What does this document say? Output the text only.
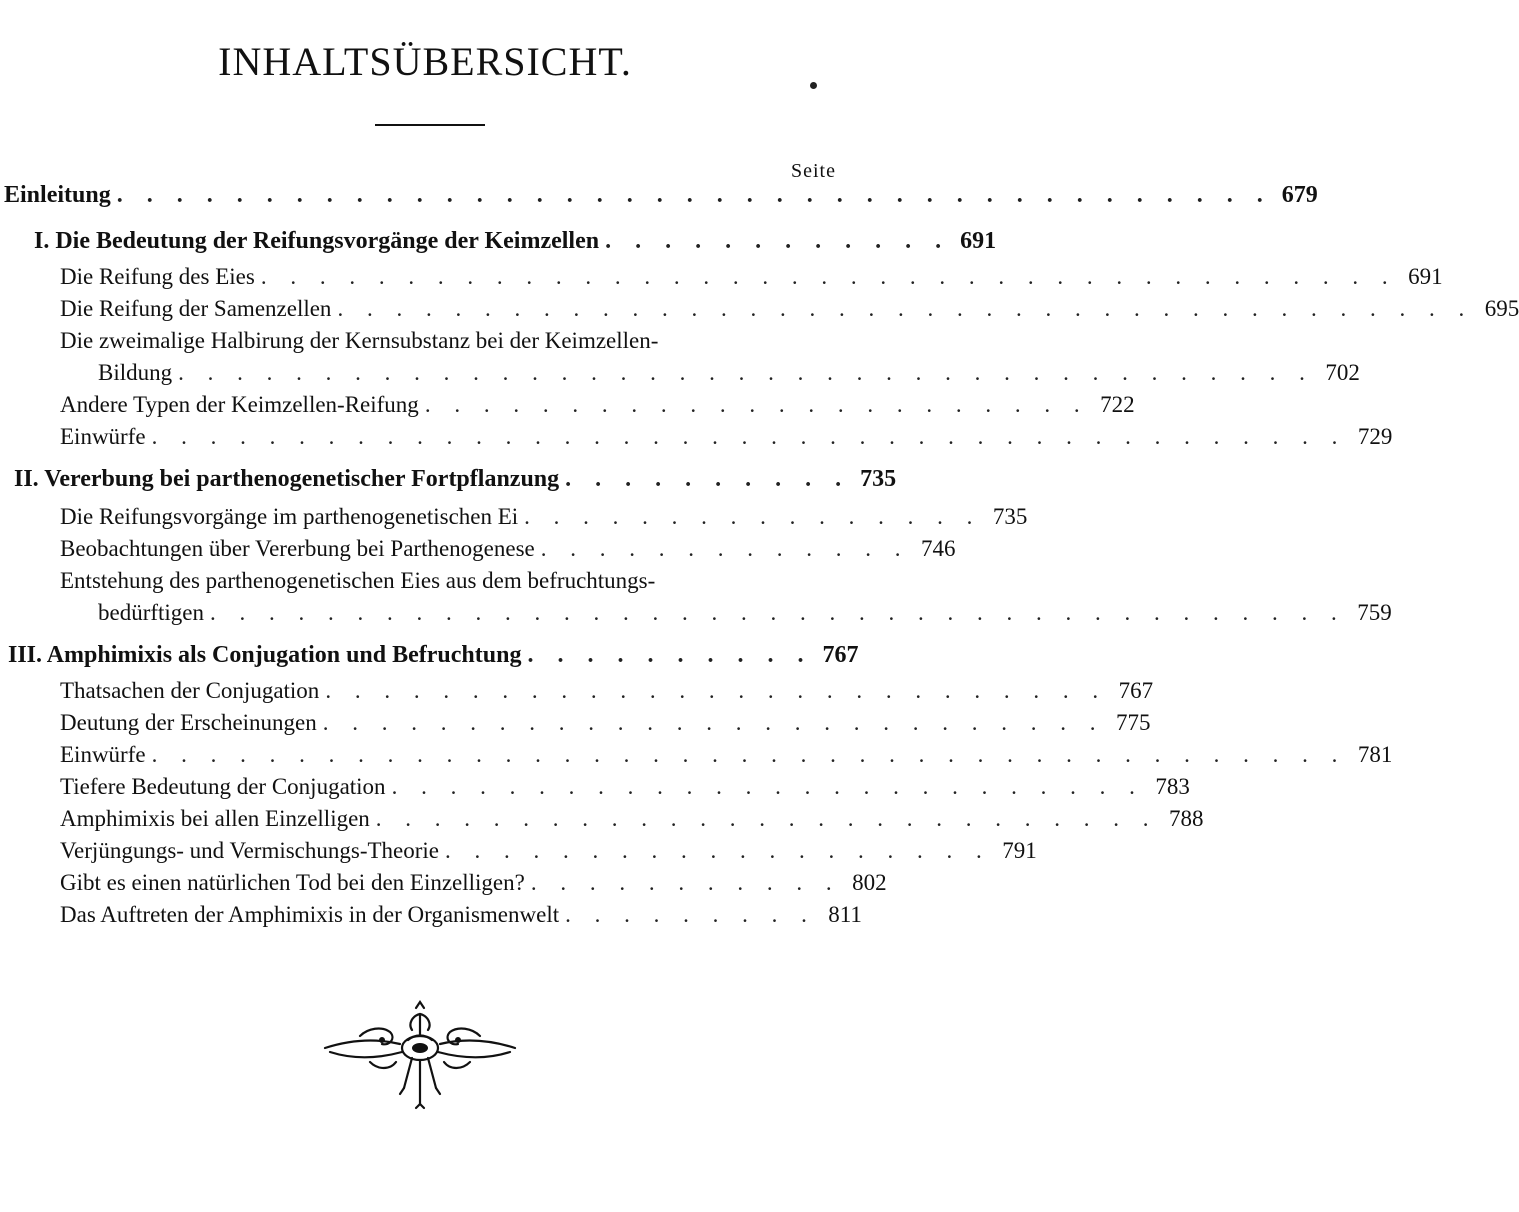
INHALTSÜBERSICHT.
Seite
Einleitung . . . . . . . . . . . . . . . . . . . . . . . . . . . . . . . . . . . . . . . 679
I. Die Bedeutung der Reifungsvorgänge der Keimzellen . . . . . . . . . . . . 691
Die Reifung des Eies . . . . . . . . . . . . . . . . . . . . . . . . . . . . . . . . . . . . . . . 691
Die Reifung der Samenzellen . . . . . . . . . . . . . . . . . . . . . . . . . . . . . . . . . . . . . . . 695
Die zweimalige Halbirung der Kernsubstanz bei der Keimzellen-
Bildung . . . . . . . . . . . . . . . . . . . . . . . . . . . . . . . . . . . . . . . 702
Andere Typen der Keimzellen-Reifung . . . . . . . . . . . . . . . . . . . . . . . 722
Einwürfe . . . . . . . . . . . . . . . . . . . . . . . . . . . . . . . . . . . . . . . . . 729
II. Vererbung bei parthenogenetischer Fortpflanzung . . . . . . . . . . 735
Die Reifungsvorgänge im parthenogenetischen Ei . . . . . . . . . . . . . . . . 735
Beobachtungen über Vererbung bei Parthenogenese . . . . . . . . . . . . . 746
Entstehung des parthenogenetischen Eies aus dem befruchtungs-
bedürftigen . . . . . . . . . . . . . . . . . . . . . . . . . . . . . . . . . . . . . . . 759
III. Amphimixis als Conjugation und Befruchtung . . . . . . . . . . 767
Thatsachen der Conjugation . . . . . . . . . . . . . . . . . . . . . . . . . . . 767
Deutung der Erscheinungen . . . . . . . . . . . . . . . . . . . . . . . . . . . 775
Einwürfe . . . . . . . . . . . . . . . . . . . . . . . . . . . . . . . . . . . . . . . . . 781
Tiefere Bedeutung der Conjugation . . . . . . . . . . . . . . . . . . . . . . . . . . 783
Amphimixis bei allen Einzelligen . . . . . . . . . . . . . . . . . . . . . . . . . . . 788
Verjüngungs- und Vermischungs-Theorie . . . . . . . . . . . . . . . . . . . 791
Gibt es einen natürlichen Tod bei den Einzelligen? . . . . . . . . . . . 802
Das Auftreten der Amphimixis in der Organismenwelt . . . . . . . . . 811
